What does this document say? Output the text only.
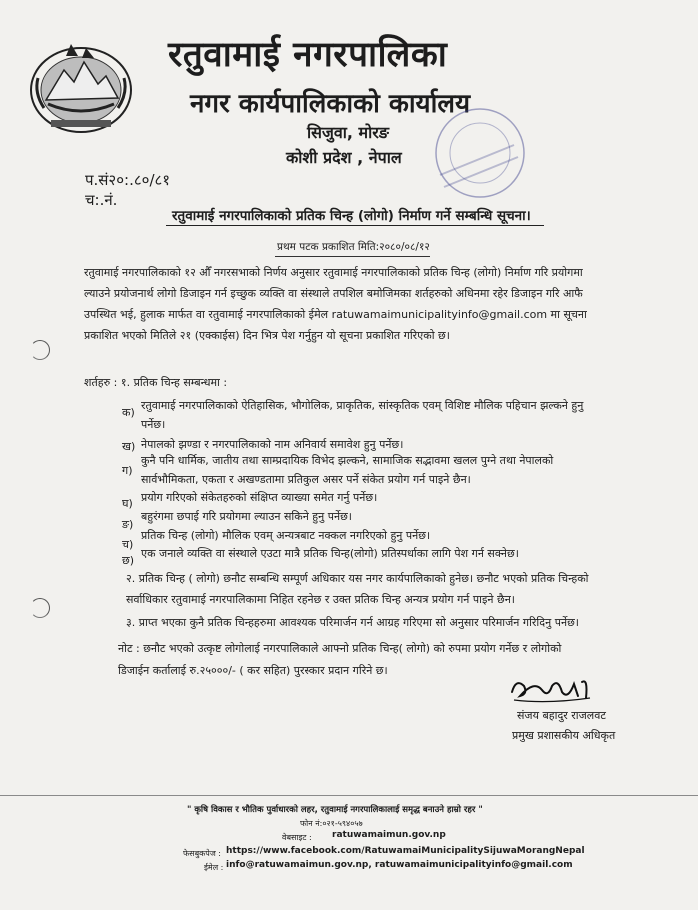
रतुवामाई नगरपालिका
नगर कार्यपालिकाको कार्यालय
सिजुवा, मोरङ
कोशी प्रदेश , नेपाल
प.सं२०:.८०/८१
च:.नं.
रतुवामाई नगरपालिकाको प्रतिक चिन्ह (लोगो) निर्माण गर्ने सम्बन्धि सूचना।
प्रथम पटक प्रकाशित मिति:२०८०/०८/१२
रतुवामाई नगरपालिकाको १२ औँ नगरसभाको निर्णय अनुसार रतुवामाई नगरपालिकाको प्रतिक चिन्ह (लोगो) निर्माण गरि प्रयोगमा
ल्याउने प्रयोजनार्थ लोगो डिजाइन गर्न इच्छुक व्यक्ति वा संस्थाले तपशिल बमोजिमका शर्तहरुको अधिनमा रहेर डिजाइन गरि आफै
उपस्थित भई, हुलाक मार्फत वा रतुवामाई नगरपालिकाको ईमेल ratuwamaimunicipalityinfo@gmail.com मा सूचना
प्रकाशित भएको मितिले २१ (एक्काईस) दिन भित्र पेश गर्नुहुन यो सूचना प्रकाशित गरिएको छ।
शर्तहरु : १. प्रतिक चिन्ह सम्बन्धमा :
क)
रतुवामाई नगरपालिकाको ऐतिहासिक, भौगोलिक, प्राकृतिक, सांस्कृतिक एवम् विशिष्ट मौलिक पहिचान झल्कने हुनु
पर्नेछ।
ख) नेपालको झण्डा र नगरपालिकाको नाम अनिवार्य समावेश हुनु पर्नेछ।
ग)
कुनै पनि धार्मिक, जातीय तथा साम्प्रदायिक विभेद झल्कने, सामाजिक सद्भावमा खलल पुग्ने तथा नेपालको
सार्वभौमिकता, एकता र अखण्डतामा प्रतिकुल असर पर्ने संकेत प्रयोग गर्न पाइने छैन।
घ) प्रयोग गरिएको संकेतहरुको संक्षिप्त व्याख्या समेत गर्नु पर्नेछ।
ङ)
बहुरंगमा छपाई गरि प्रयोगमा ल्याउन सकिने हुनु पर्नेछ।
च)
प्रतिक चिन्ह (लोगो) मौलिक एवम् अन्यत्रबाट नक्कल नगरिएको हुनु पर्नेछ।
छ)
एक जनाले व्यक्ति वा संस्थाले एउटा मात्रै प्रतिक चिन्ह(लोगो) प्रतिस्पर्धाका लागि पेश गर्न सक्नेछ।
२. प्रतिक चिन्ह ( लोगो) छनौट सम्बन्धि सम्पूर्ण अधिकार यस नगर कार्यपालिकाको हुनेछ। छनौट भएको प्रतिक चिन्हको
सर्वाधिकार रतुवामाई नगरपालिकामा निहित रहनेछ र उक्त प्रतिक चिन्ह अन्यत्र प्रयोग गर्न पाइने छैन।
३. प्राप्त भएका कुनै प्रतिक चिन्हहरुमा आवश्यक परिमार्जन गर्न आग्रह गरिएमा सो अनुसार परिमार्जन गरिदिनु पर्नेछ।
नोट : छनौट भएको उत्कृष्ट लोगोलाई नगरपालिकाले आफ्नो प्रतिक चिन्ह( लोगो) को रुपमा प्रयोग गर्नेछ र लोगोको
डिजाईन कर्तालाई रु.२५०००/- ( कर सहित) पुरस्कार प्रदान गरिने छ।
संजय बहादुर राजलवट
प्रमुख प्रशासकीय अधिकृत
" कृषि विकास र भौतिक पुर्वाधारको लहर, रतुवामाई नगरपालिकालाई समृद्ध बनाउने हाम्रो रहर "
फोन नं:०२१-५९४०५७
वेबसाइट : ratuwamaimun.gov.np
फेसबुकपेज : https://www.facebook.com/RatuwamaiMunicipalitySijuwaMorangNepal
ईमेल : info@ratuwamaimun.gov.np, ratuwamaimunicipalityinfo@gmail.com
